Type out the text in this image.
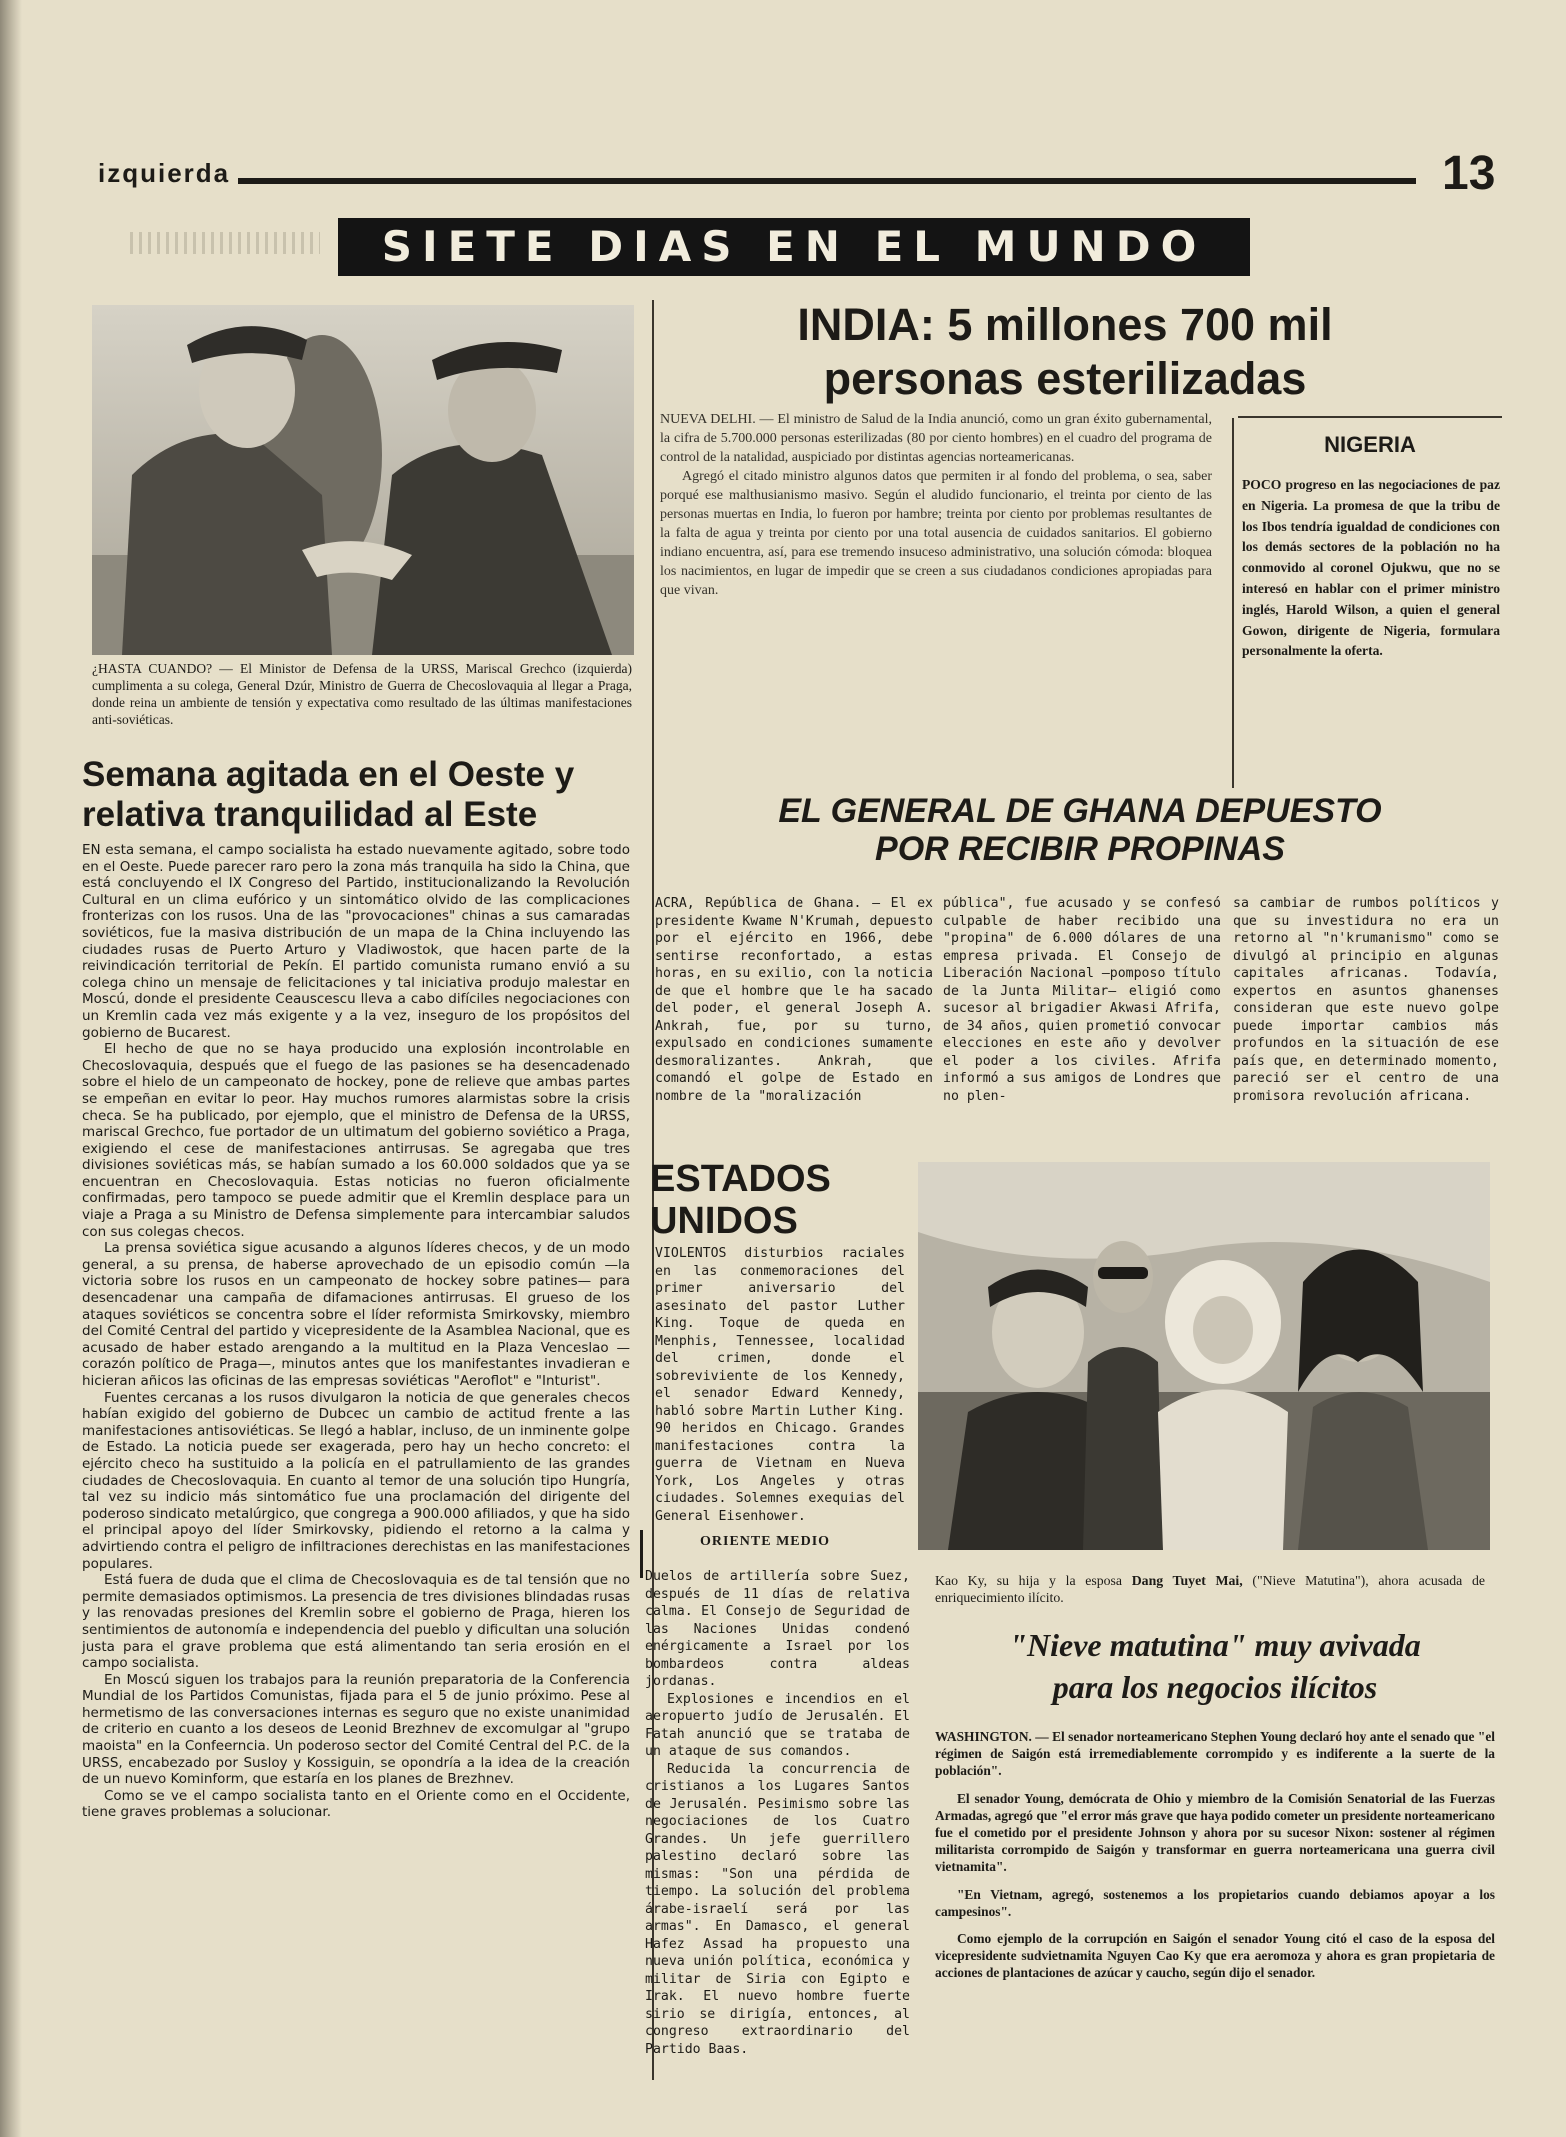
izquierda	13
SIETE DIAS EN EL MUNDO
¿HASTA CUANDO? — El Ministor de Defensa de la URSS, Mariscal Grechco (izquierda) cumplimenta a su colega, General Dzúr, Ministro de Guerra de Checoslovaquia al llegar a Praga, donde reina un ambiente de tensión y expectativa como resultado de las últimas manifestaciones anti-soviéticas.
Semana agitada en el Oeste y relativa tranquilidad al Este

EN esta semana, el campo socialista ha estado nuevamente agitado, sobre todo en el Oeste. Puede parecer raro pero la zona más tranquila ha sido la China, que está concluyendo el IX Congreso del Partido, institucionalizando la Revolución Cultural en un clima eufórico y un sintomático olvido de las complicaciones fronterizas con los rusos. Una de las "provocaciones" chinas a sus camaradas soviéticos, fue la masiva distribución de un mapa de la China incluyendo las ciudades rusas de Puerto Arturo y Vladiwostok, que hacen parte de la reivindicación territorial de Pekín. El partido comunista rumano envió a su colega chino un mensaje de felicitaciones y tal iniciativa produjo malestar en Moscú, donde el presidente Ceauscescu lleva a cabo difíciles negociaciones con un Kremlin cada vez más exigente y a la vez, inseguro de los propósitos del gobierno de Bucarest.

El hecho de que no se haya producido una explosión incontrolable en Checoslovaquia, después que el fuego de las pasiones se ha desencadenado sobre el hielo de un campeonato de hockey, pone de relieve que ambas partes se empeñan en evitar lo peor. Hay muchos rumores alarmistas sobre la crisis checa. Se ha publicado, por ejemplo, que el ministro de Defensa de la URSS, mariscal Grechco, fue portador de un ultimatum del gobierno soviético a Praga, exigiendo el cese de manifestaciones antirrusas. Se agregaba que tres divisiones soviéticas más, se habían sumado a los 60.000 soldados que ya se encuentran en Checoslovaquia. Estas noticias no fueron oficialmente confirmadas, pero tampoco se puede admitir que el Kremlin desplace para un viaje a Praga a su Ministro de Defensa simplemente para intercambiar saludos con sus colegas checos.

La prensa soviética sigue acusando a algunos líderes checos, y de un modo general, a su prensa, de haberse aprovechado de un episodio común —la victoria sobre los rusos en un campeonato de hockey sobre patines— para desencadenar una campaña de difamaciones antirrusas. El grueso de los ataques soviéticos se concentra sobre el líder reformista Smirkovsky, miembro del Comité Central del partido y vicepresidente de la Asamblea Nacional, que es acusado de haber estado arengando a la multitud en la Plaza Venceslao —corazón político de Praga—, minutos antes que los manifestantes invadieran e hicieran añicos las oficinas de las empresas soviéticas "Aeroflot" e "Inturist".

Fuentes cercanas a los rusos divulgaron la noticia de que generales checos habían exigido del gobierno de Dubcec un cambio de actitud frente a las manifestaciones antisoviéticas. Se llegó a hablar, incluso, de un inminente golpe de Estado. La noticia puede ser exagerada, pero hay un hecho concreto: el ejército checo ha sustituido a la policía en el patrullamiento de las grandes ciudades de Checoslovaquia. En cuanto al temor de una solución tipo Hungría, tal vez su indicio más sintomático fue una proclamación del dirigente del poderoso sindicato metalúrgico, que congrega a 900.000 afiliados, y que ha sido el principal apoyo del líder Smirkovsky, pidiendo el retorno a la calma y advirtiendo contra el peligro de infiltraciones derechistas en las manifestaciones populares.

Está fuera de duda que el clima de Checoslovaquia es de tal tensión que no permite demasiados optimismos. La presencia de tres divisiones blindadas rusas y las renovadas presiones del Kremlin sobre el gobierno de Praga, hieren los sentimientos de autonomía e independencia del pueblo y dificultan una solución justa para el grave problema que está alimentando tan seria erosión en el campo socialista.

En Moscú siguen los trabajos para la reunión preparatoria de la Conferencia Mundial de los Partidos Comunistas, fijada para el 5 de junio próximo. Pese al hermetismo de las conversaciones internas es seguro que no existe unanimidad de criterio en cuanto a los deseos de Leonid Brezhnev de excomulgar al "grupo maoista" en la Confeerncia. Un poderoso sector del Comité Central del P.C. de la URSS, encabezado por Susloy y Kossiguin, se opondría a la idea de la creación de un nuevo Kominform, que estaría en los planes de Brezhnev.

Como se ve el campo socialista tanto en el Oriente como en el Occidente, tiene graves problemas a solucionar.

INDIA: 5 millones 700 mil personas esterilizadas

NUEVA DELHI. — El ministro de Salud de la India anunció, como un gran éxito gubernamental, la cifra de 5.700.000 personas esterilizadas (80 por ciento hombres) en el cuadro del programa de control de la natalidad, auspiciado por distintas agencias norteamericanas.

Agregó el citado ministro algunos datos que permiten ir al fondo del problema, o sea, saber porqué ese malthusianismo masivo. Según el aludido funcionario, el treinta por ciento de las personas muertas en India, lo fueron por hambre; treinta por ciento por problemas resultantes de la falta de agua y treinta por ciento por una total ausencia de cuidados sanitarios. El gobierno indiano encuentra, así, para ese tremendo insuceso administrativo, una solución cómoda: bloquea los nacimientos, en lugar de impedir que se creen a sus ciudadanos condiciones apropiadas para que vivan.

NIGERIA
POCO progreso en las negociaciones de paz en Nigeria. La promesa de que la tribu de los Ibos tendría igualdad de condiciones con los demás sectores de la población no ha conmovido al coronel Ojukwu, que no se interesó en hablar con el primer ministro inglés, Harold Wilson, a quien el general Gowon, dirigente de Nigeria, formulara personalmente la oferta.
EL GENERAL DE GHANA DEPUESTO
POR RECIBIR PROPINAS
ACRA, República de Ghana. — El ex presidente Kwame N'Krumah, depuesto por el ejército en 1966, debe sentirse reconfortado, a estas horas, en su exilio, con la noticia de que el hombre que le ha sacado del poder, el general Joseph A. Ankrah, fue, por su turno, expulsado en condiciones sumamente desmoralizantes. Ankrah, que comandó el golpe de Estado en nombre de la "moralización
pública", fue acusado y se confesó culpable de haber recibido una "propina" de 6.000 dólares de una empresa privada. El Consejo de Liberación Nacional —pomposo título de la Junta Militar— eligió como sucesor al brigadier Akwasi Afrifa, de 34 años, quien prometió convocar elecciones en este año y devolver el poder a los civiles. Afrifa informó a sus amigos de Londres que no plen-
sa cambiar de rumbos políticos y que su investidura no era un retorno al "n'krumanismo" como se divulgó al principio en algunas capitales africanas. Todavía, expertos en asuntos ghanenses consideran que este nuevo golpe puede importar cambios más profundos en la situación de ese país que, en determinado momento, pareció ser el centro de una promisora revolución africana.
ESTADOS UNIDOS
VIOLENTOS disturbios raciales en las conmemoraciones del primer aniversario del asesinato del pastor Luther King. Toque de queda en Menphis, Tennessee, localidad del crimen, donde el sobreviviente de los Kennedy, el senador Edward Kennedy, habló sobre Martin Luther King. 90 heridos en Chicago. Grandes manifestaciones contra la guerra de Vietnam en Nueva York, Los Angeles y otras ciudades. Solemnes exequias del General Eisenhower.
ORIENTE MEDIO

Duelos de artillería sobre Suez, después de 11 días de relativa calma. El Consejo de Seguridad de las Naciones Unidas condenó enérgicamente a Israel por los bombardeos contra aldeas jordanas.

Explosiones e incendios en el aeropuerto judío de Jerusalén. El Fatah anunció que se trataba de un ataque de sus comandos.

Reducida la concurrencia de cristianos a los Lugares Santos de Jerusalén. Pesimismo sobre las negociaciones de los Cuatro Grandes. Un jefe guerrillero palestino declaró sobre las mismas: "Son una pérdida de tiempo. La solución del problema árabe-israelí será por las armas". En Damasco, el general Hafez Assad ha propuesto una nueva unión política, económica y militar de Siria con Egipto e Irak. El nuevo hombre fuerte sirio se dirigía, entonces, al congreso extraordinario del Partido Baas.

Kao Ky, su hija y la esposa Dang Tuyet Mai, ("Nieve Matutina"), ahora acusada de enriquecimiento ilícito.
"Nieve matutina" muy avivada
para los negocios ilícitos

WASHINGTON. — El senador norteamericano Stephen Young declaró hoy ante el senado que "el régimen de Saigón está irremediablemente corrompido y es indiferente a la suerte de la población".

El senador Young, demócrata de Ohio y miembro de la Comisión Senatorial de las Fuerzas Armadas, agregó que "el error más grave que haya podido cometer un presidente norteamericano fue el cometido por el presidente Johnson y ahora por su sucesor Nixon: sostener al régimen militarista corrompido de Saigón y transformar en guerra norteamericana una guerra civil vietnamita".

"En Vietnam, agregó, sostenemos a los propietarios cuando debiamos apoyar a los campesinos".

Como ejemplo de la corrupción en Saigón el senador Young citó el caso de la esposa del vicepresidente sudvietnamita Nguyen Cao Ky que era aeromoza y ahora es gran propietaria de acciones de plantaciones de azúcar y caucho, según dijo el senador.
